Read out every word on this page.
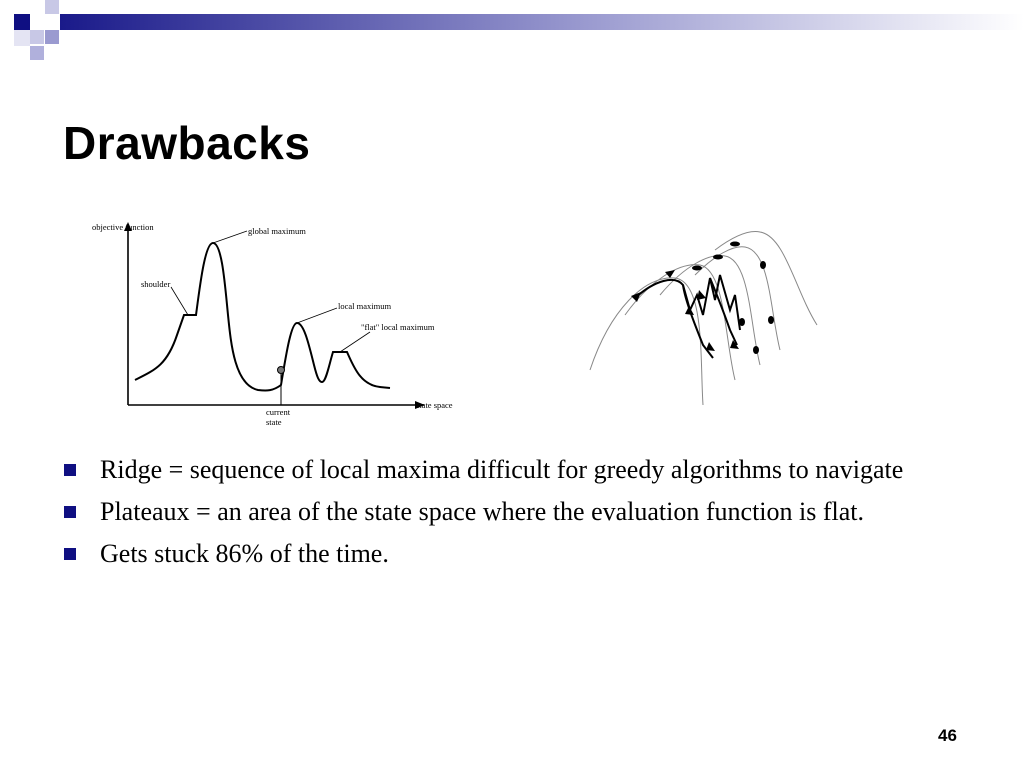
Drawbacks
objective function	global maximum
shoulder
local maximum
"flat" local maximum
state space
current
state
Ridge = sequence of local maxima difficult for greedy algorithms to navigate
Plateaux = an area of the state space where the evaluation function is flat.
Gets stuck 86% of the time.
46
